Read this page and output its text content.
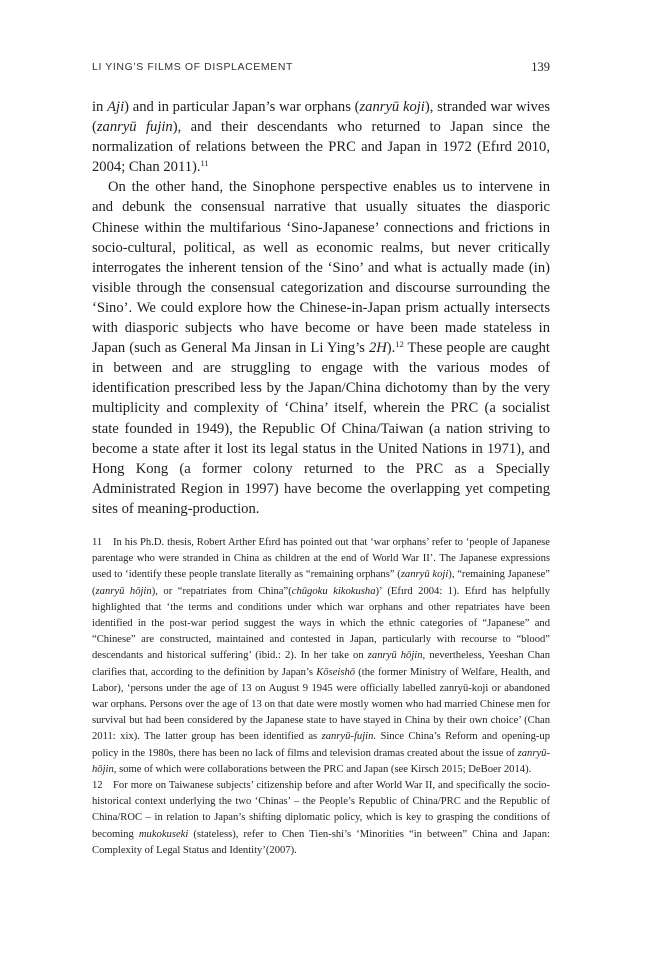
LI YING’S FILMS OF DISPLACEMENT	139

in Aji) and in particular Japan’s war orphans (zanryū koji), stranded war wives (zanryū fujin), and their descendants who returned to Japan since the normalization of relations between the PRC and Japan in 1972 (Efırd 2010, 2004; Chan 2011).$^{11}$

On the other hand, the Sinophone perspective enables us to intervene in and debunk the consensual narrative that usually situates the diasporic Chinese within the multifarious ‘Sino-Japanese’ connections and frictions in socio-cultural, political, as well as economic realms, but never critically interrogates the inherent tension of the ‘Sino’ and what is actually made (in) visible through the consensual categorization and discourse surrounding the ‘Sino’. We could explore how the Chinese-in-Japan prism actually intersects with diasporic subjects who have become or have been made stateless in Japan (such as General Ma Jinsan in Li Ying’s 2H).$^{12}$ These people are caught in between and are struggling to engage with the various modes of identification prescribed less by the Japan/China dichotomy than by the very multiplicity and complexity of ‘China’ itself, wherein the PRC (a socialist state founded in 1949), the Republic Of China/Taiwan (a nation striving to become a state after it lost its legal status in the United Nations in 1971), and Hong Kong (a former colony returned to the PRC as a Specially Administrated Region in 1997) have become the overlapping yet competing sites of meaning-production.

11 In his Ph.D. thesis, Robert Arther Efırd has pointed out that ‘war orphans’ refer to ‘people of Japanese parentage who were stranded in China as children at the end of World War II’. The Japanese expressions used to ‘identify these people translate literally as “remaining orphans” (zanryū koji), “remaining Japanese” (zanryū hōjin), or “repatriates from China”(chūgoku kikokusha)’ (Efırd 2004: 1). Efırd has helpfully highlighted that ‘the terms and conditions under which war orphans and other repatriates have been identified in the post-war period suggest the ways in which the ethnic categories of “Japanese” and “Chinese” are constructed, maintained and contested in Japan, particularly with recourse to “blood” descendants and historical suffering’ (ibid.: 2). In her take on zanryū hōjin, nevertheless, Yeeshan Chan clarifies that, according to the definition by Japan’s Kōseishō (the former Ministry of Welfare, Health, and Labor), ‘persons under the age of 13 on August 9 1945 were officially labelled zanryū-koji or abandoned war orphans. Persons over the age of 13 on that date were mostly women who had married Chinese men for survival but had been considered by the Japanese state to have stayed in China by their own choice’ (Chan 2011: xix). The latter group has been identified as zanryū-fujin. Since China’s Reform and opening-up policy in the 1980s, there has been no lack of films and television dramas created about the issue of zanryū-hōjin, some of which were collaborations between the PRC and Japan (see Kirsch 2015; DeBoer 2014).

12 For more on Taiwanese subjects’ citizenship before and after World War II, and specifically the socio-historical context underlying the two ‘Chinas’ – the People’s Republic of China/PRC and the Republic of China/ROC – in relation to Japan’s shifting diplomatic policy, which is key to grasping the conditions of becoming mukokuseki (stateless), refer to Chen Tien-shi’s ‘Minorities “in between” China and Japan: Complexity of Legal Status and Identity’(2007).
